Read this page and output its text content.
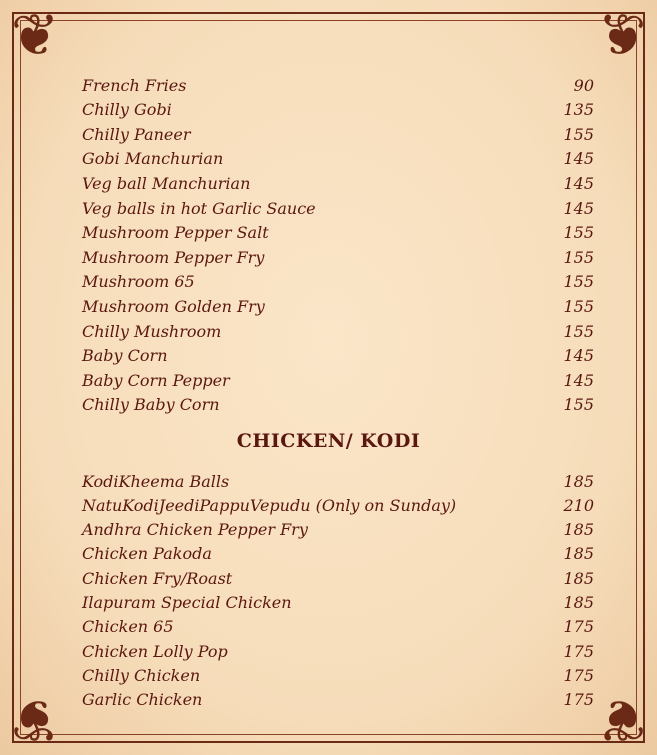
❦	❦
❦	❦
French Fries	90
Chilly Gobi	135
Chilly Paneer	155
Gobi Manchurian	145
Veg ball Manchurian	145
Veg balls in hot Garlic Sauce	145
Mushroom Pepper Salt	155
Mushroom Pepper Fry	155
Mushroom 65	155
Mushroom Golden Fry	155
Chilly Mushroom	155
Baby Corn	145
Baby Corn Pepper	145
Chilly Baby Corn	155
KodiKheema Balls	185
NatuKodiJeediPappuVepudu (Only on Sunday)	210
Andhra Chicken Pepper Fry	185
Chicken Pakoda	185
Chicken Fry/Roast	185
Ilapuram Special Chicken	185
Chicken 65	175
Chicken Lolly Pop	175
Chilly Chicken	175
Garlic Chicken	175
CHICKEN/ KODI
